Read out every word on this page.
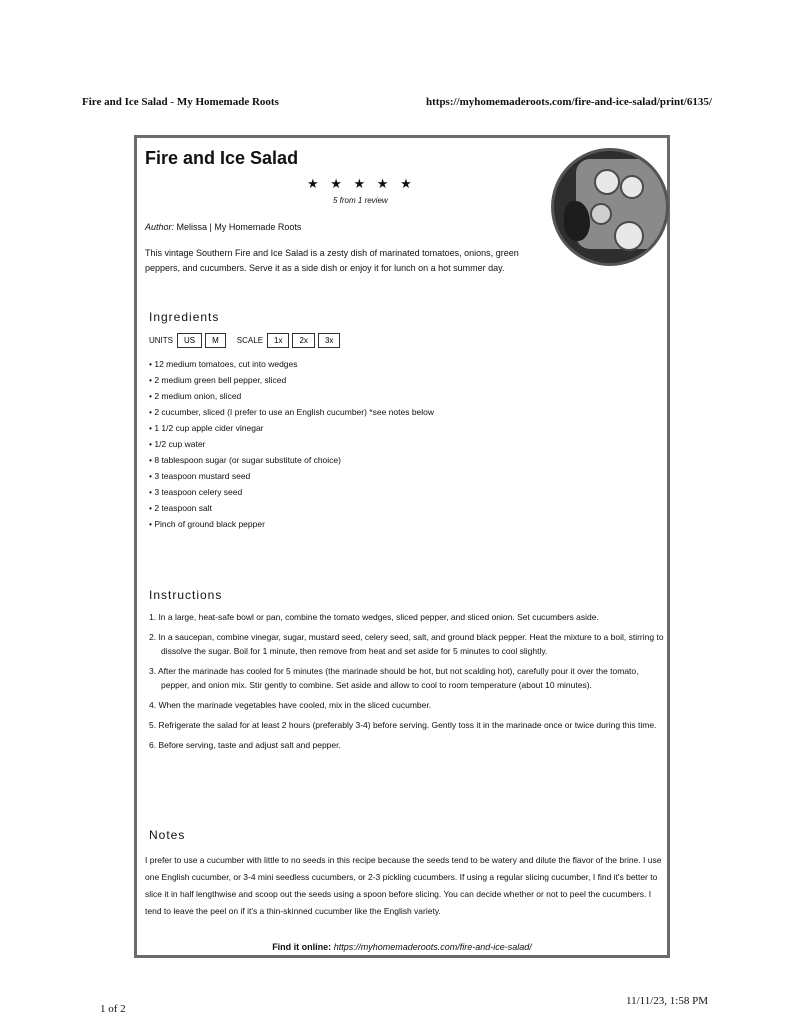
Fire and Ice Salad - My Homemade Roots	https://myhomemaderoots.com/fire-and-ice-salad/print/6135/
Fire and Ice Salad
★ ★ ★ ★ ★
5 from 1 review
Author: Melissa | My Homemade Roots

This vintage Southern Fire and Ice Salad is a zesty dish of marinated tomatoes, onions, green peppers, and cucumbers. Serve it as a side dish or enjoy it for lunch on a hot summer day.

Ingredients
UNITS	US	M	SCALE	1x	2x	3x
• 12 medium tomatoes, cut into wedges
• 2 medium green bell pepper, sliced
• 2 medium onion, sliced
• 2 cucumber, sliced (I prefer to use an English cucumber) *see notes below
• 1 1/2 cup apple cider vinegar
• 1/2 cup water
• 8 tablespoon sugar (or sugar substitute of choice)
• 3 teaspoon mustard seed
• 3 teaspoon celery seed
• 2 teaspoon salt
• Pinch of ground black pepper
Instructions
1. In a large, heat-safe bowl or pan, combine the tomato wedges, sliced pepper, and sliced onion. Set cucumbers aside.
2. In a saucepan, combine vinegar, sugar, mustard seed, celery seed, salt, and ground black pepper. Heat the mixture to a boil, stirring to dissolve the sugar. Boil for 1 minute, then remove from heat and set aside for 5 minutes to cool slightly.
3. After the marinade has cooled for 5 minutes (the marinade should be hot, but not scalding hot), carefully pour it over the tomato, pepper, and onion mix. Stir gently to combine. Set aside and allow to cool to room temperature (about 10 minutes).
4. When the marinade vegetables have cooled, mix in the sliced cucumber.
5. Refrigerate the salad for at least 2 hours (preferably 3-4) before serving. Gently toss it in the marinade once or twice during this time.
6. Before serving, taste and adjust salt and pepper.
Notes

I prefer to use a cucumber with little to no seeds in this recipe because the seeds tend to be watery and dilute the flavor of the brine. I use one English cucumber, or 3-4 mini seedless cucumbers, or 2-3 pickling cucumbers. If using a regular slicing cucumber, I find it's better to slice it in half lengthwise and scoop out the seeds using a spoon before slicing. You can decide whether or not to peel the cucumbers. I tend to leave the peel on if it's a thin-skinned cucumber like the English variety.

Find it online: https://myhomemaderoots.com/fire-and-ice-salad/
1 of 2
11/11/23, 1:58 PM
